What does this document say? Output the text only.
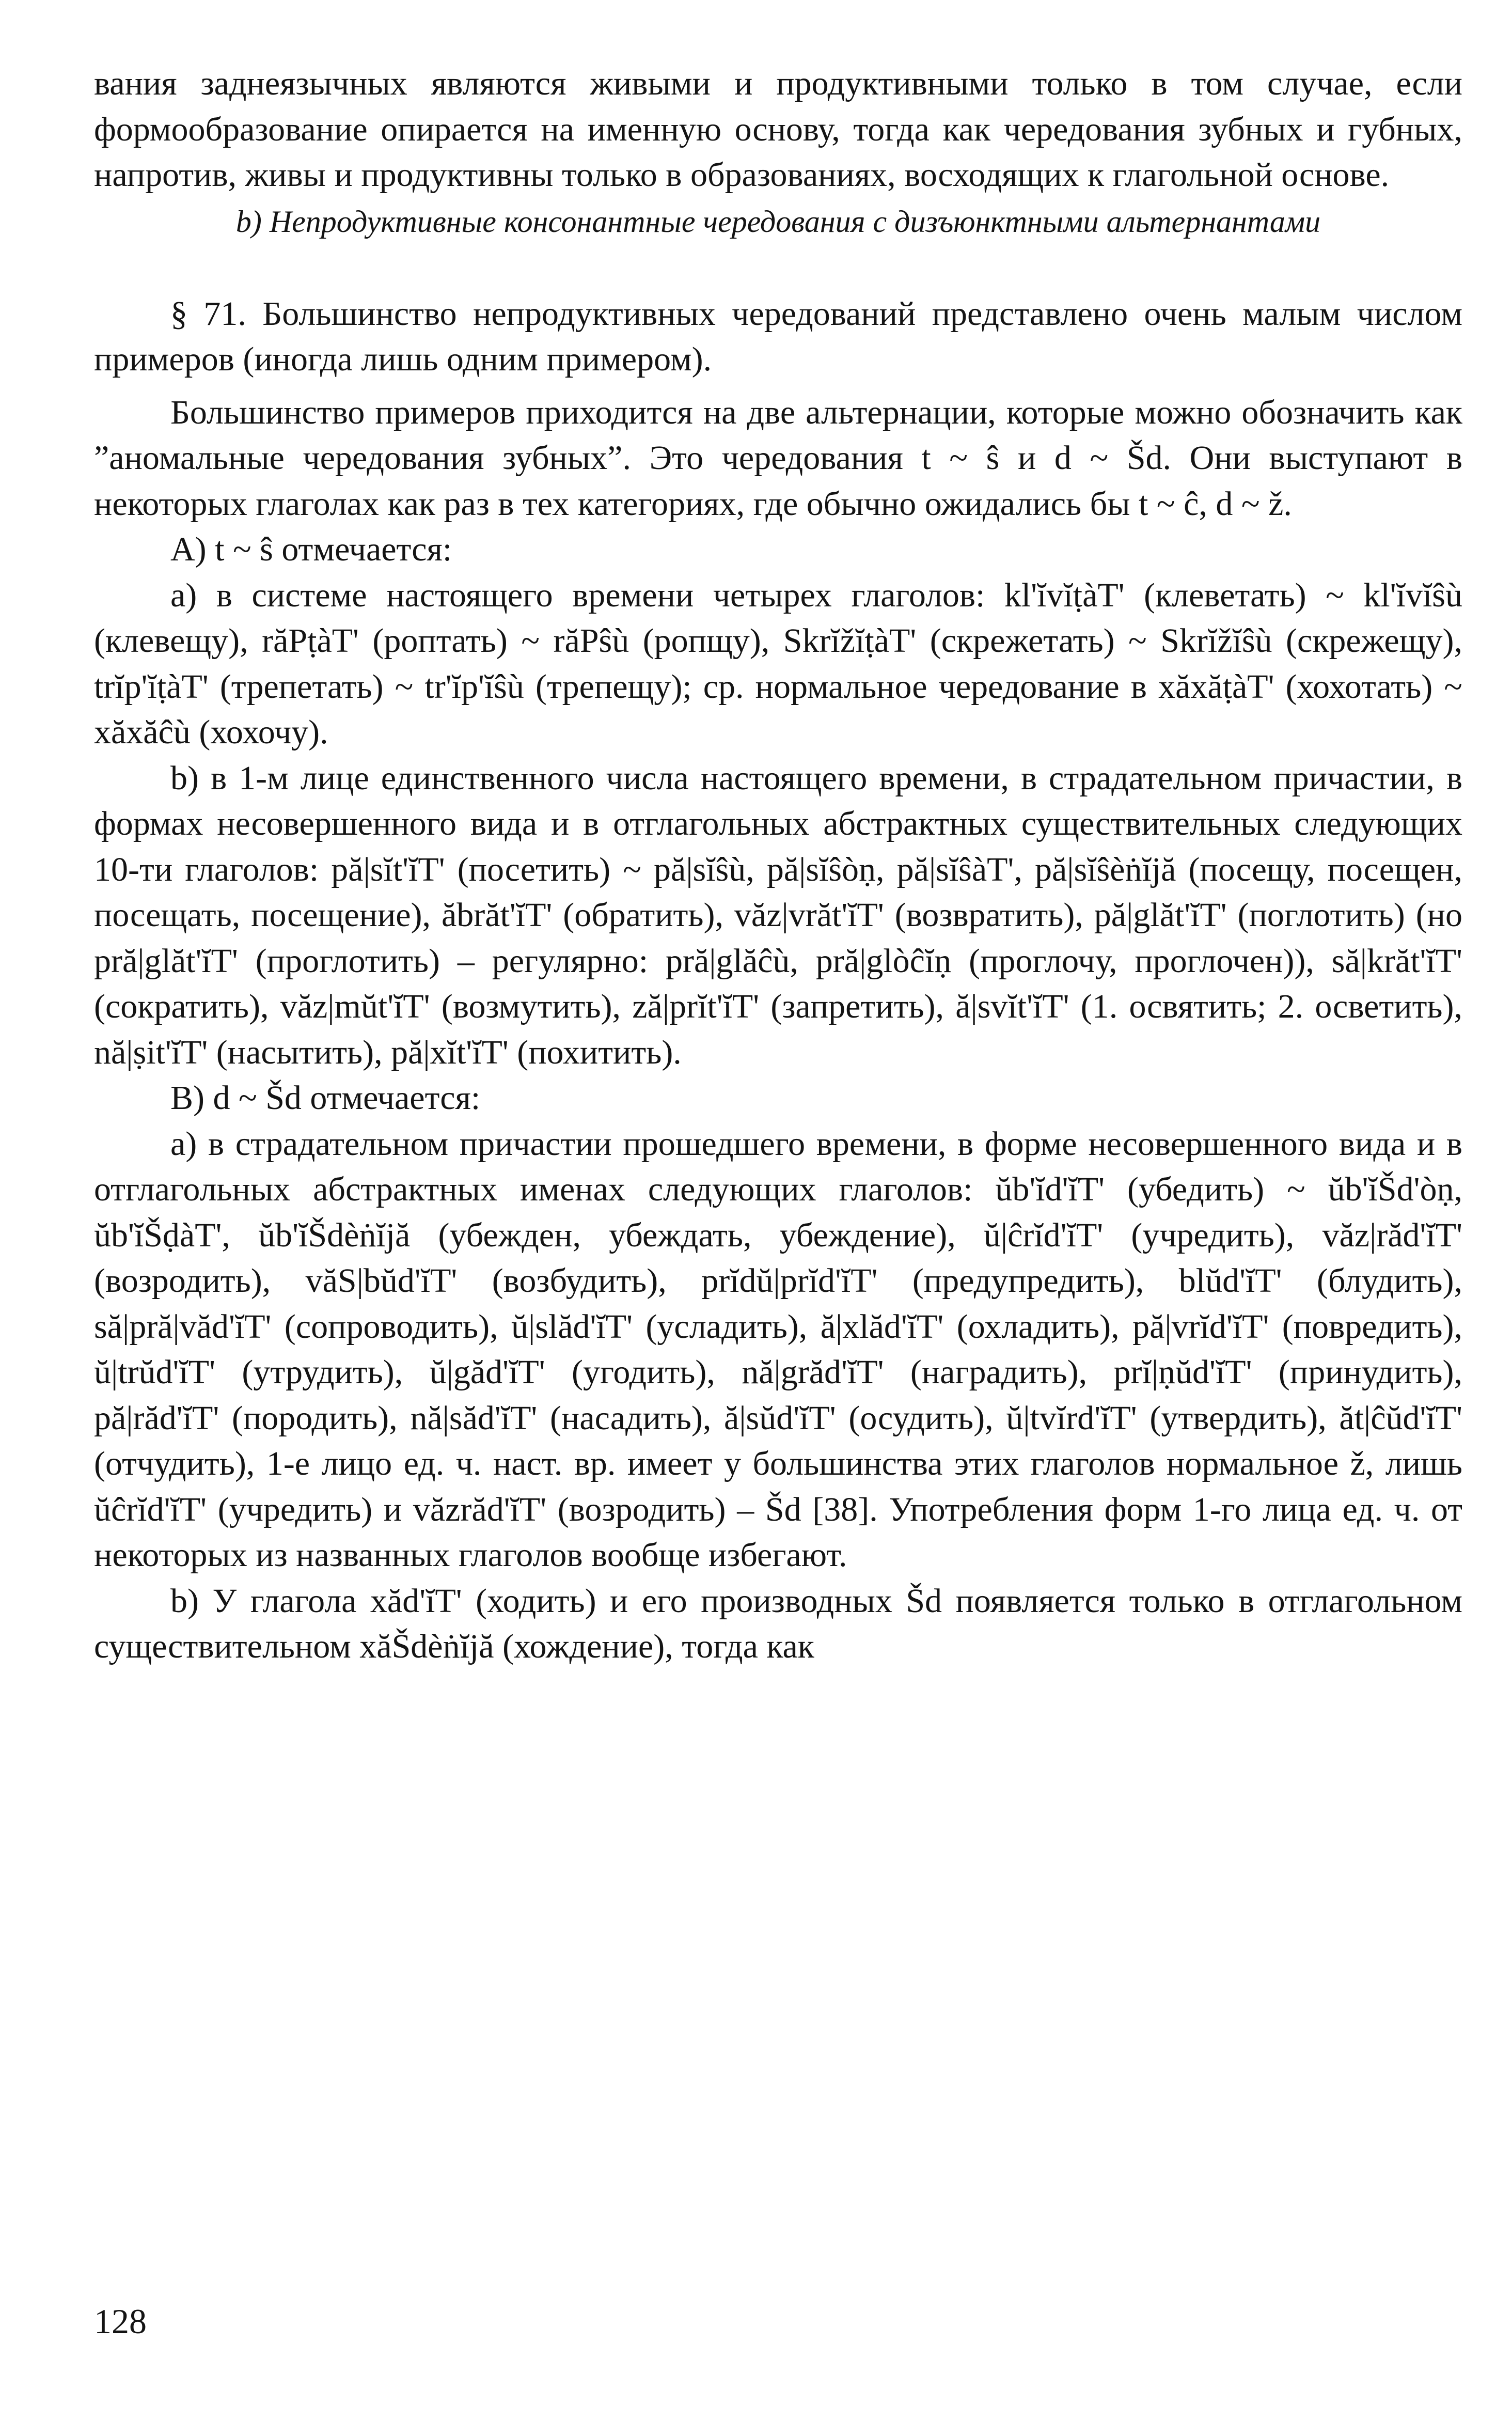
вания заднеязычных являются живыми и продуктивными только в том случае, если формообразование опирается на именную основу, тогда как чередования зубных и губных, напротив, живы и продуктивны только в образованиях, восходящих к глагольной основе.

b) Непродуктивные консонантные чередования с дизъюнктными альтернантами

§ 71. Большинство непродуктивных чередований представлено очень малым числом примеров (иногда лишь одним примером).

Большинство примеров приходится на две альтернации, которые можно обозначить как ”аномальные чередования зубных”. Это чередования t ~ ŝ и d ~ Šd. Они выступают в некоторых глаголах как раз в тех категориях, где обычно ожидались бы t ~ ĉ, d ~ ž.

A) t ~ ŝ отмечается:

a) в системе настоящего времени четырех глаголов: kl'ĭvĭṭàT' (клеветать) ~ kl'ĭvĭŝù (клевещу), răPṭàT' (роптать) ~ răPŝù (ропщу), SkrĭžĭṭàT' (скрежетать) ~ Skrĭžĭŝù (скрежещу), trĭp'ĭṭàT' (трепетать) ~ tr'ĭp'ĭŝù (трепещу); ср. нормальное чередование в xăxăṭàT' (хохотать) ~ xăxăĉù (хохочу).

b) в 1-м лице единственного числа настоящего времени, в страдательном причастии, в формах несовершенного вида и в отглагольных абстрактных существительных следующих 10-ти глаголов: pă|sĭt'ĭT' (посетить) ~ pă|sĭŝù, pă|sĭŝòṇ, pă|sĭŝàT', pă|sĭŝèṅĭjă (посещу, посещен, посещать, посещение), ăbrăt'ĭT' (обратить), văz|vrăt'ĭT' (возвратить), pă|glăt'ĭT' (поглотить) (но pră|glăt'ĭT' (проглотить) – регулярно: pră|glăĉù, pră|glòĉĭṇ (проглочу, проглочен)), să|krăt'ĭT' (сократить), văz|mŭt'ĭT' (возмутить), ză|prĭt'ĭT' (запретить), ă|svĭt'ĭT' (1. освятить; 2. осветить), nă|ṣit'ĭT' (насытить), pă|xĭt'ĭT' (похитить).

B) d ~ Šd отмечается:

a) в страдательном причастии прошедшего времени, в форме несовершенного вида и в отглагольных абстрактных именах следующих глаголов: ŭb'ĭd'ĭT' (убедить) ~ ŭb'ĭŠd'òṇ, ŭb'ĭŠḍàT', ŭb'ĭŠdèṅĭjă (убежден, убеждать, убеждение), ŭ|ĉrĭd'ĭT' (учредить), văz|răd'ĭT' (возродить), văS|bŭd'ĭT' (возбудить), prĭdŭ|prĭd'ĭT' (предупредить), blŭd'ĭT' (блудить), să|pră|văd'ĭT' (сопроводить), ŭ|slăd'ĭT' (усладить), ă|xlăd'ĭT' (охладить), pă|vrĭd'ĭT' (повредить), ŭ|trŭd'ĭT' (утрудить), ŭ|găd'ĭT' (угодить), nă|grăd'ĭT' (наградить), prĭ|ṇŭd'ĭT' (принудить), pă|răd'ĭT' (породить), nă|săd'ĭT' (насадить), ă|sŭd'ĭT' (осудить), ŭ|tvĭrd'ĭT' (утвердить), ăt|ĉŭd'ĭT' (отчудить), 1-е лицо ед. ч. наст. вр. имеет у большинства этих глаголов нормальное ž, лишь ŭĉrĭd'ĭT' (учредить) и văzrăd'ĭT' (возродить) – Šd [38]. Употребления форм 1-го лица ед. ч. от некоторых из названных глаголов вообще избегают.

b) У глагола xăd'ĭT' (ходить) и его производных Šd появляется только в отглагольном существительном xăŠdèṅĭjă (хождение), тогда как

128
